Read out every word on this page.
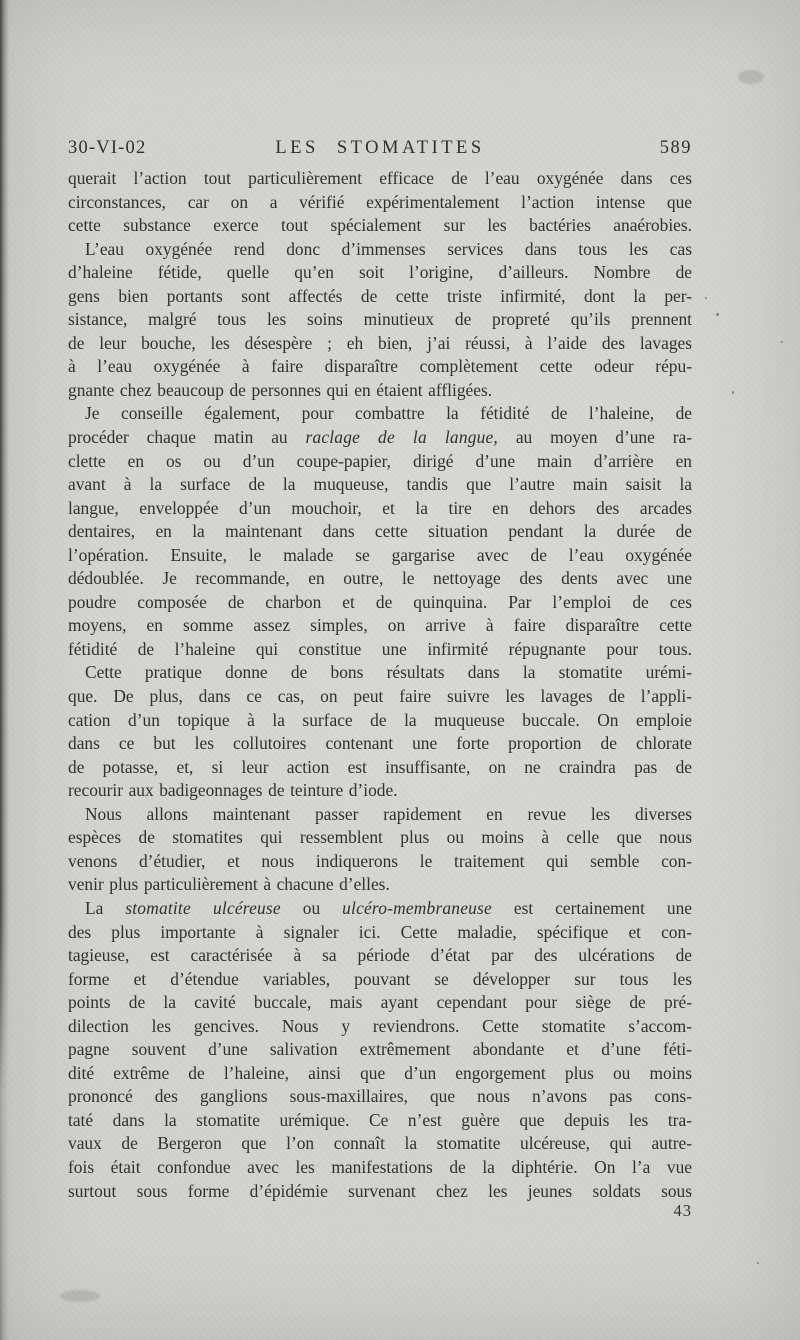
30-VI-02	LES STOMATITES	589
querait l’action tout particulièrement efficace de l’eau oxygénée dans ces
circonstances, car on a vérifié expérimentalement l’action intense que
cette substance exerce tout spécialement sur les bactéries anaérobies.
L’eau oxygénée rend donc d’immenses services dans tous les cas
d’haleine fétide, quelle qu’en soit l’origine, d’ailleurs. Nombre de
gens bien portants sont affectés de cette triste infirmité, dont la per-
sistance, malgré tous les soins minutieux de propreté qu’ils prennent
de leur bouche, les désespère ; eh bien, j’ai réussi, à l’aide des lavages
à l’eau oxygénée à faire disparaître complètement cette odeur répu-
gnante chez beaucoup de personnes qui en étaient affligées.
Je conseille également, pour combattre la fétidité de l’haleine, de
procéder chaque matin au raclage de la langue, au moyen d’une ra-
clette en os ou d’un coupe-papier, dirigé d’une main d’arrière en
avant à la surface de la muqueuse, tandis que l’autre main saisit la
langue, enveloppée d’un mouchoir, et la tire en dehors des arcades
dentaires, en la maintenant dans cette situation pendant la durée de
l’opération. Ensuite, le malade se gargarise avec de l’eau oxygénée
dédoublée. Je recommande, en outre, le nettoyage des dents avec une
poudre composée de charbon et de quinquina. Par l’emploi de ces
moyens, en somme assez simples, on arrive à faire disparaître cette
fétidité de l’haleine qui constitue une infirmité répugnante pour tous.
Cette pratique donne de bons résultats dans la stomatite urémi-
que. De plus, dans ce cas, on peut faire suivre les lavages de l’appli-
cation d’un topique à la surface de la muqueuse buccale. On emploie
dans ce but les collutoires contenant une forte proportion de chlorate
de potasse, et, si leur action est insuffisante, on ne craindra pas de
recourir aux badigeonnages de teinture d’iode.
Nous allons maintenant passer rapidement en revue les diverses
espèces de stomatites qui ressemblent plus ou moins à celle que nous
venons d’étudier, et nous indiquerons le traitement qui semble con-
venir plus particulièrement à chacune d’elles.
La stomatite ulcéreuse ou ulcéro-membraneuse est certainement une
des plus importante à signaler ici. Cette maladie, spécifique et con-
tagieuse, est caractérisée à sa période d’état par des ulcérations de
forme et d’étendue variables, pouvant se développer sur tous les
points de la cavité buccale, mais ayant cependant pour siège de pré-
dilection les gencives. Nous y reviendrons. Cette stomatite s’accom-
pagne souvent d’une salivation extrêmement abondante et d’une féti-
dité extrême de l’haleine, ainsi que d’un engorgement plus ou moins
prononcé des ganglions sous-maxillaires, que nous n’avons pas cons-
taté dans la stomatite urémique. Ce n’est guère que depuis les tra-
vaux de Bergeron que l’on connaît la stomatite ulcéreuse, qui autre-
fois était confondue avec les manifestations de la diphtérie. On l’a vue
surtout sous forme d’épidémie survenant chez les jeunes soldats sous
43
